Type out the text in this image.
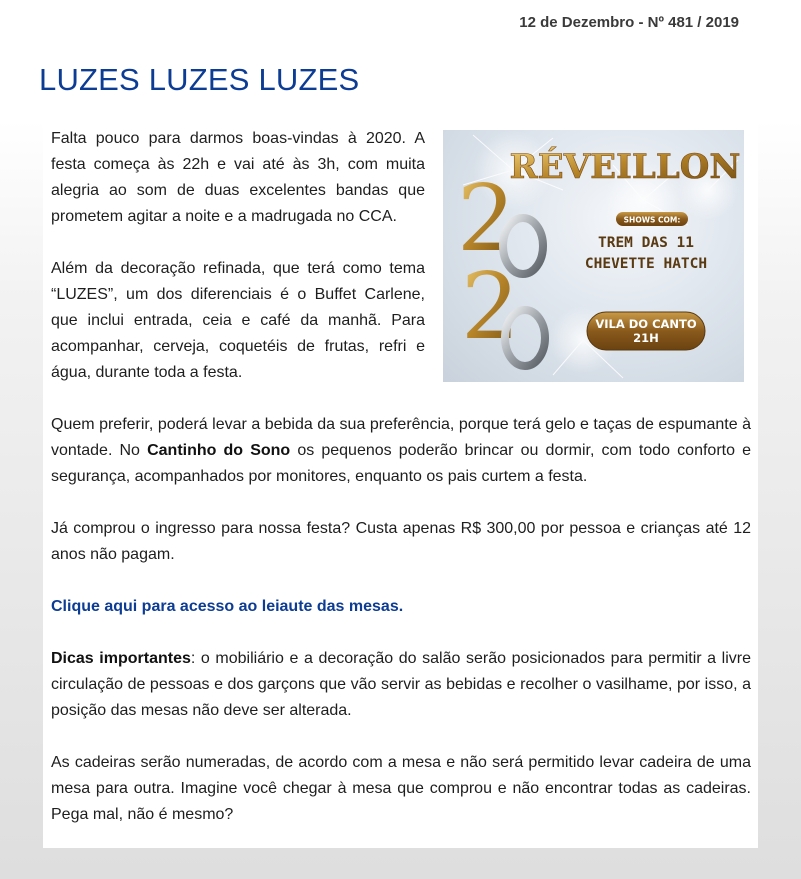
12 de Dezembro - Nº 481 / 2019
LUZES LUZES LUZES
RÉVEILLON
2
2
SHOWS COM:
TREM DAS 11
CHEVETTE HATCH
VILA DO CANTO
21H

Falta pouco para darmos boas-vindas à 2020. A festa começa às 22h e vai até às 3h, com muita alegria ao som de duas excelentes bandas que prometem agitar a noite e a madrugada no CCA.

Além da decoração refinada, que terá como tema “LUZES”, um dos diferenciais é o Buffet Carlene, que inclui entrada, ceia e café da manhã. Para acompanhar, cerveja, coquetéis de frutas, refri e água, durante toda a festa.

Quem preferir, poderá levar a bebida da sua preferência, porque terá gelo e taças de espumante à vontade. No Cantinho do Sono os pequenos poderão brincar ou dormir, com todo conforto e segurança, acompanhados por monitores, enquanto os pais curtem a festa.

Já comprou o ingresso para nossa festa? Custa apenas R$ 300,00 por pessoa e crianças até 12 anos não pagam.

Clique aqui para acesso ao leiaute das mesas.

Dicas importantes: o mobiliário e a decoração do salão serão posicionados para permitir a livre circulação de pessoas e dos garçons que vão servir as bebidas e recolher o vasilhame, por isso, a posição das mesas não deve ser alterada.

As cadeiras serão numeradas, de acordo com a mesa e não será permitido levar cadeira de uma mesa para outra. Imagine você chegar à mesa que comprou e não encontrar todas as cadeiras. Pega mal, não é mesmo?
